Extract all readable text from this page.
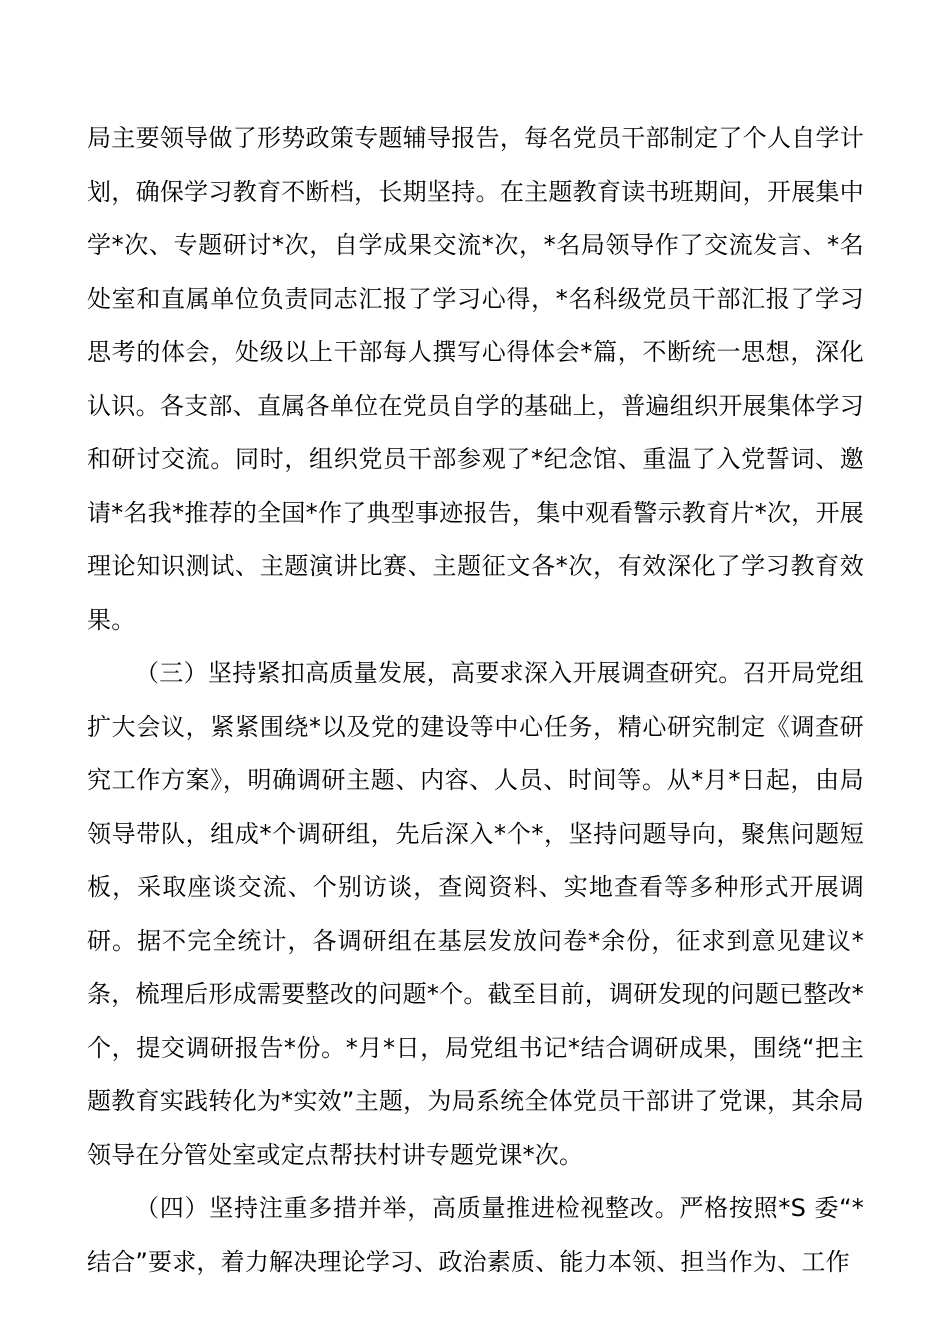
局主要领导做了形势政策专题辅导报告，每名党员干部制定了个人自学计划，确保学习教育不断档，长期坚持。在主题教育读书班期间，开展集中学*次、专题研讨*次，自学成果交流*次，*名局领导作了交流发言、*名处室和直属单位负责同志汇报了学习心得，*名科级党员干部汇报了学习思考的体会，处级以上干部每人撰写心得体会*篇，不断统一思想，深化认识。各支部、直属各单位在党员自学的基础上，普遍组织开展集体学习和研讨交流。同时，组织党员干部参观了*纪念馆、重温了入党誓词、邀请*名我*推荐的全国*作了典型事迹报告，集中观看警示教育片*次，开展理论知识测试、主题演讲比赛、主题征文各*次，有效深化了学习教育效果。

（三）坚持紧扣高质量发展，高要求深入开展调查研究。召开局党组扩大会议，紧紧围绕*以及党的建设等中心任务，精心研究制定《调查研究工作方案》，明确调研主题、内容、人员、时间等。从*月*日起，由局领导带队，组成*个调研组，先后深入*个*，坚持问题导向，聚焦问题短板，采取座谈交流、个别访谈，查阅资料、实地查看等多种形式开展调研。据不完全统计，各调研组在基层发放问卷*余份，征求到意见建议*条，梳理后形成需要整改的问题*个。截至目前，调研发现的问题已整改*个，提交调研报告*份。*月*日，局党组书记*结合调研成果，围绕“把主题教育实践转化为*实效”主题，为局系统全体党员干部讲了党课，其余局领导在分管处室或定点帮扶村讲专题党课*次。

（四）坚持注重多措并举，高质量推进检视整改。严格按照*S 委“*结合”要求，着力解决理论学习、政治素质、能力本领、担当作为、工作
